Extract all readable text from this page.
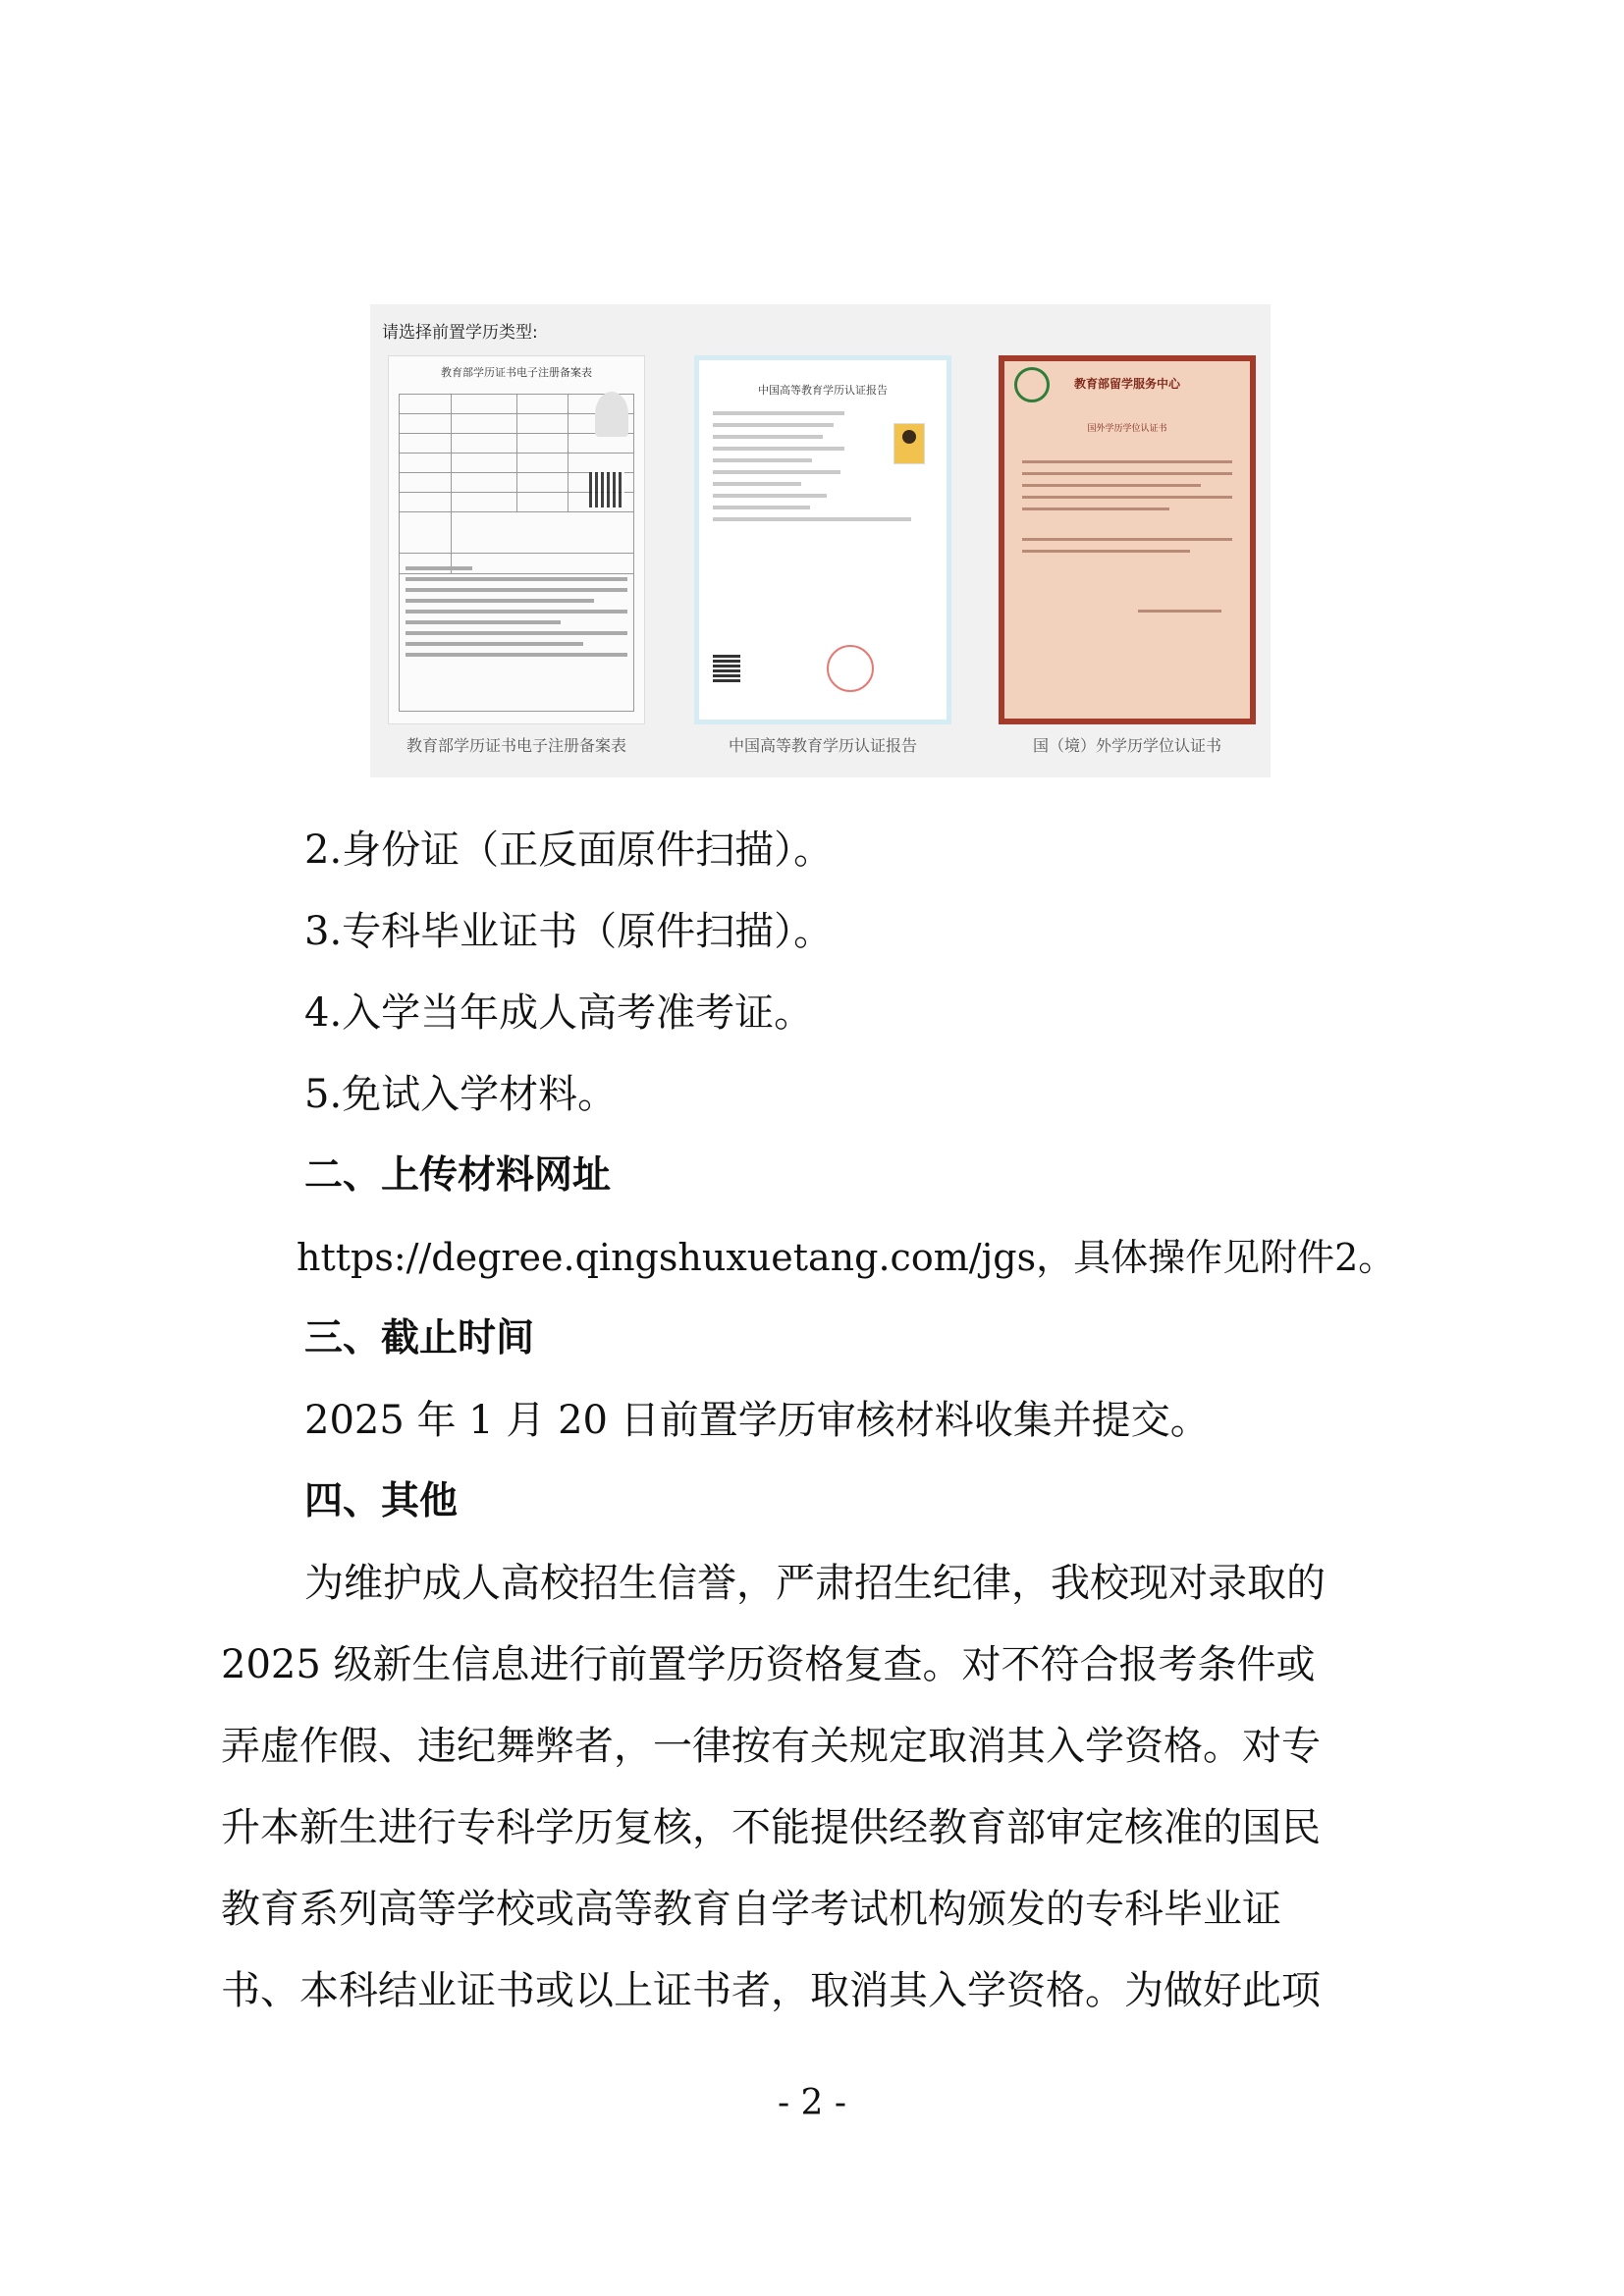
请选择前置学历类型:
教育部学历证书电子注册备案表

中国高等教育学历认证报告	教育部留学服务中心
国外学历学位认证书
教育部学历证书电子注册备案表	中国高等教育学历认证报告	国（境）外学历学位认证书
2.身份证（正反面原件扫描）。
3.专科毕业证书（原件扫描）。
4.入学当年成人高考准考证。
5.免试入学材料。
二、上传材料网址
https://degree.qingshuxuetang.com/jgs，具体操作见附件2。
三、截止时间
2025 年 1 月 20 日前置学历审核材料收集并提交。
四、其他
为维护成人高校招生信誉，严肃招生纪律，我校现对录取的
2025 级新生信息进行前置学历资格复查。对不符合报考条件或
弄虚作假、违纪舞弊者，一律按有关规定取消其入学资格。对专
升本新生进行专科学历复核，不能提供经教育部审定核准的国民
教育系列高等学校或高等教育自学考试机构颁发的专科毕业证
书、本科结业证书或以上证书者，取消其入学资格。为做好此项
- 2 -
